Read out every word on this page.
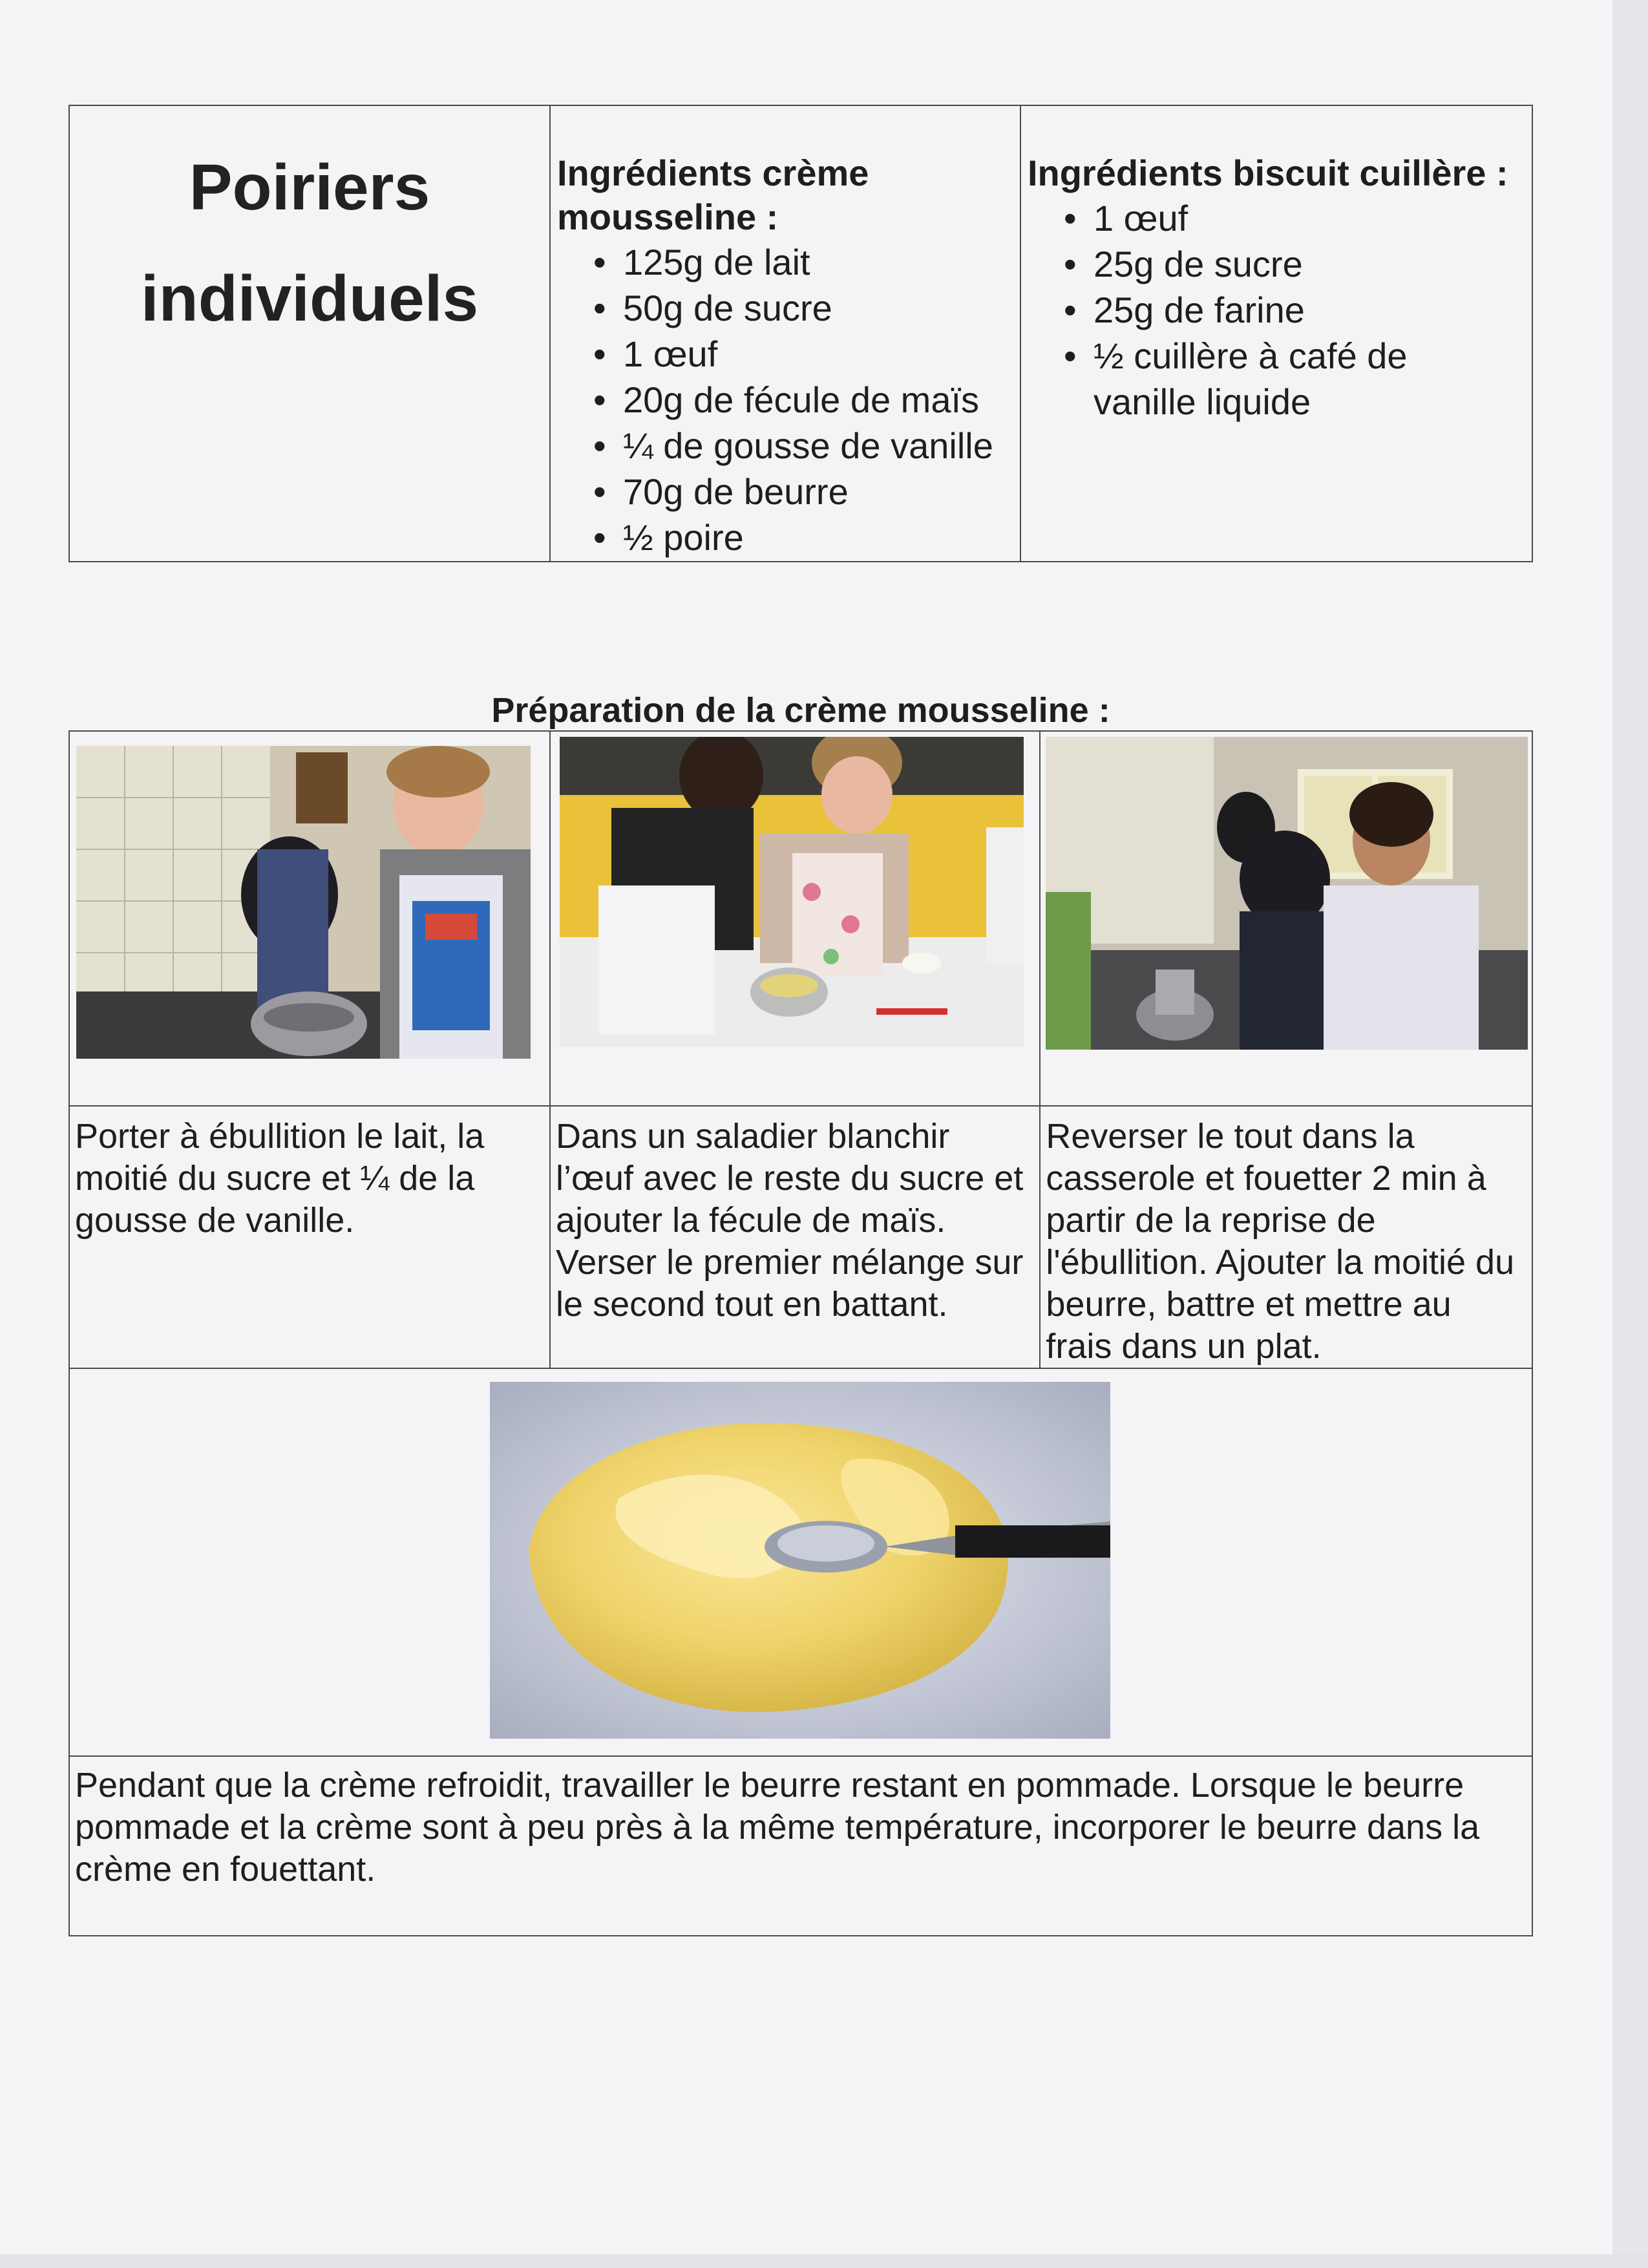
Poiriers
individuels

Ingrédients crème mousseline :
• 125g de lait
• 50g de sucre
• 1 œuf
• 20g de fécule de maïs
• ¼ de gousse de vanille
• 70g de beurre
• ½ poire

Ingrédients biscuit cuillère :
• 1 œuf
• 25g de sucre
• 25g de farine
• ½ cuillère à café de vanille liquide
Préparation de la crème mousseline :

Porter à ébullition le lait, la moitié du sucre et ¼ de la gousse de vanille.	Dans un saladier blanchir l’œuf avec le reste du sucre et ajouter la fécule de maïs. Verser le premier mélange sur le second tout en battant.	Reverser le tout dans la casserole et fouetter 2 min à partir de la reprise de l'ébullition. Ajouter la moitié du beurre, battre et mettre au frais dans un plat.

Pendant que la crème refroidit, travailler le beurre restant en pommade. Lorsque le beurre pommade et la crème sont à peu près à la même température, incorporer le beurre dans la crème en fouettant.		
